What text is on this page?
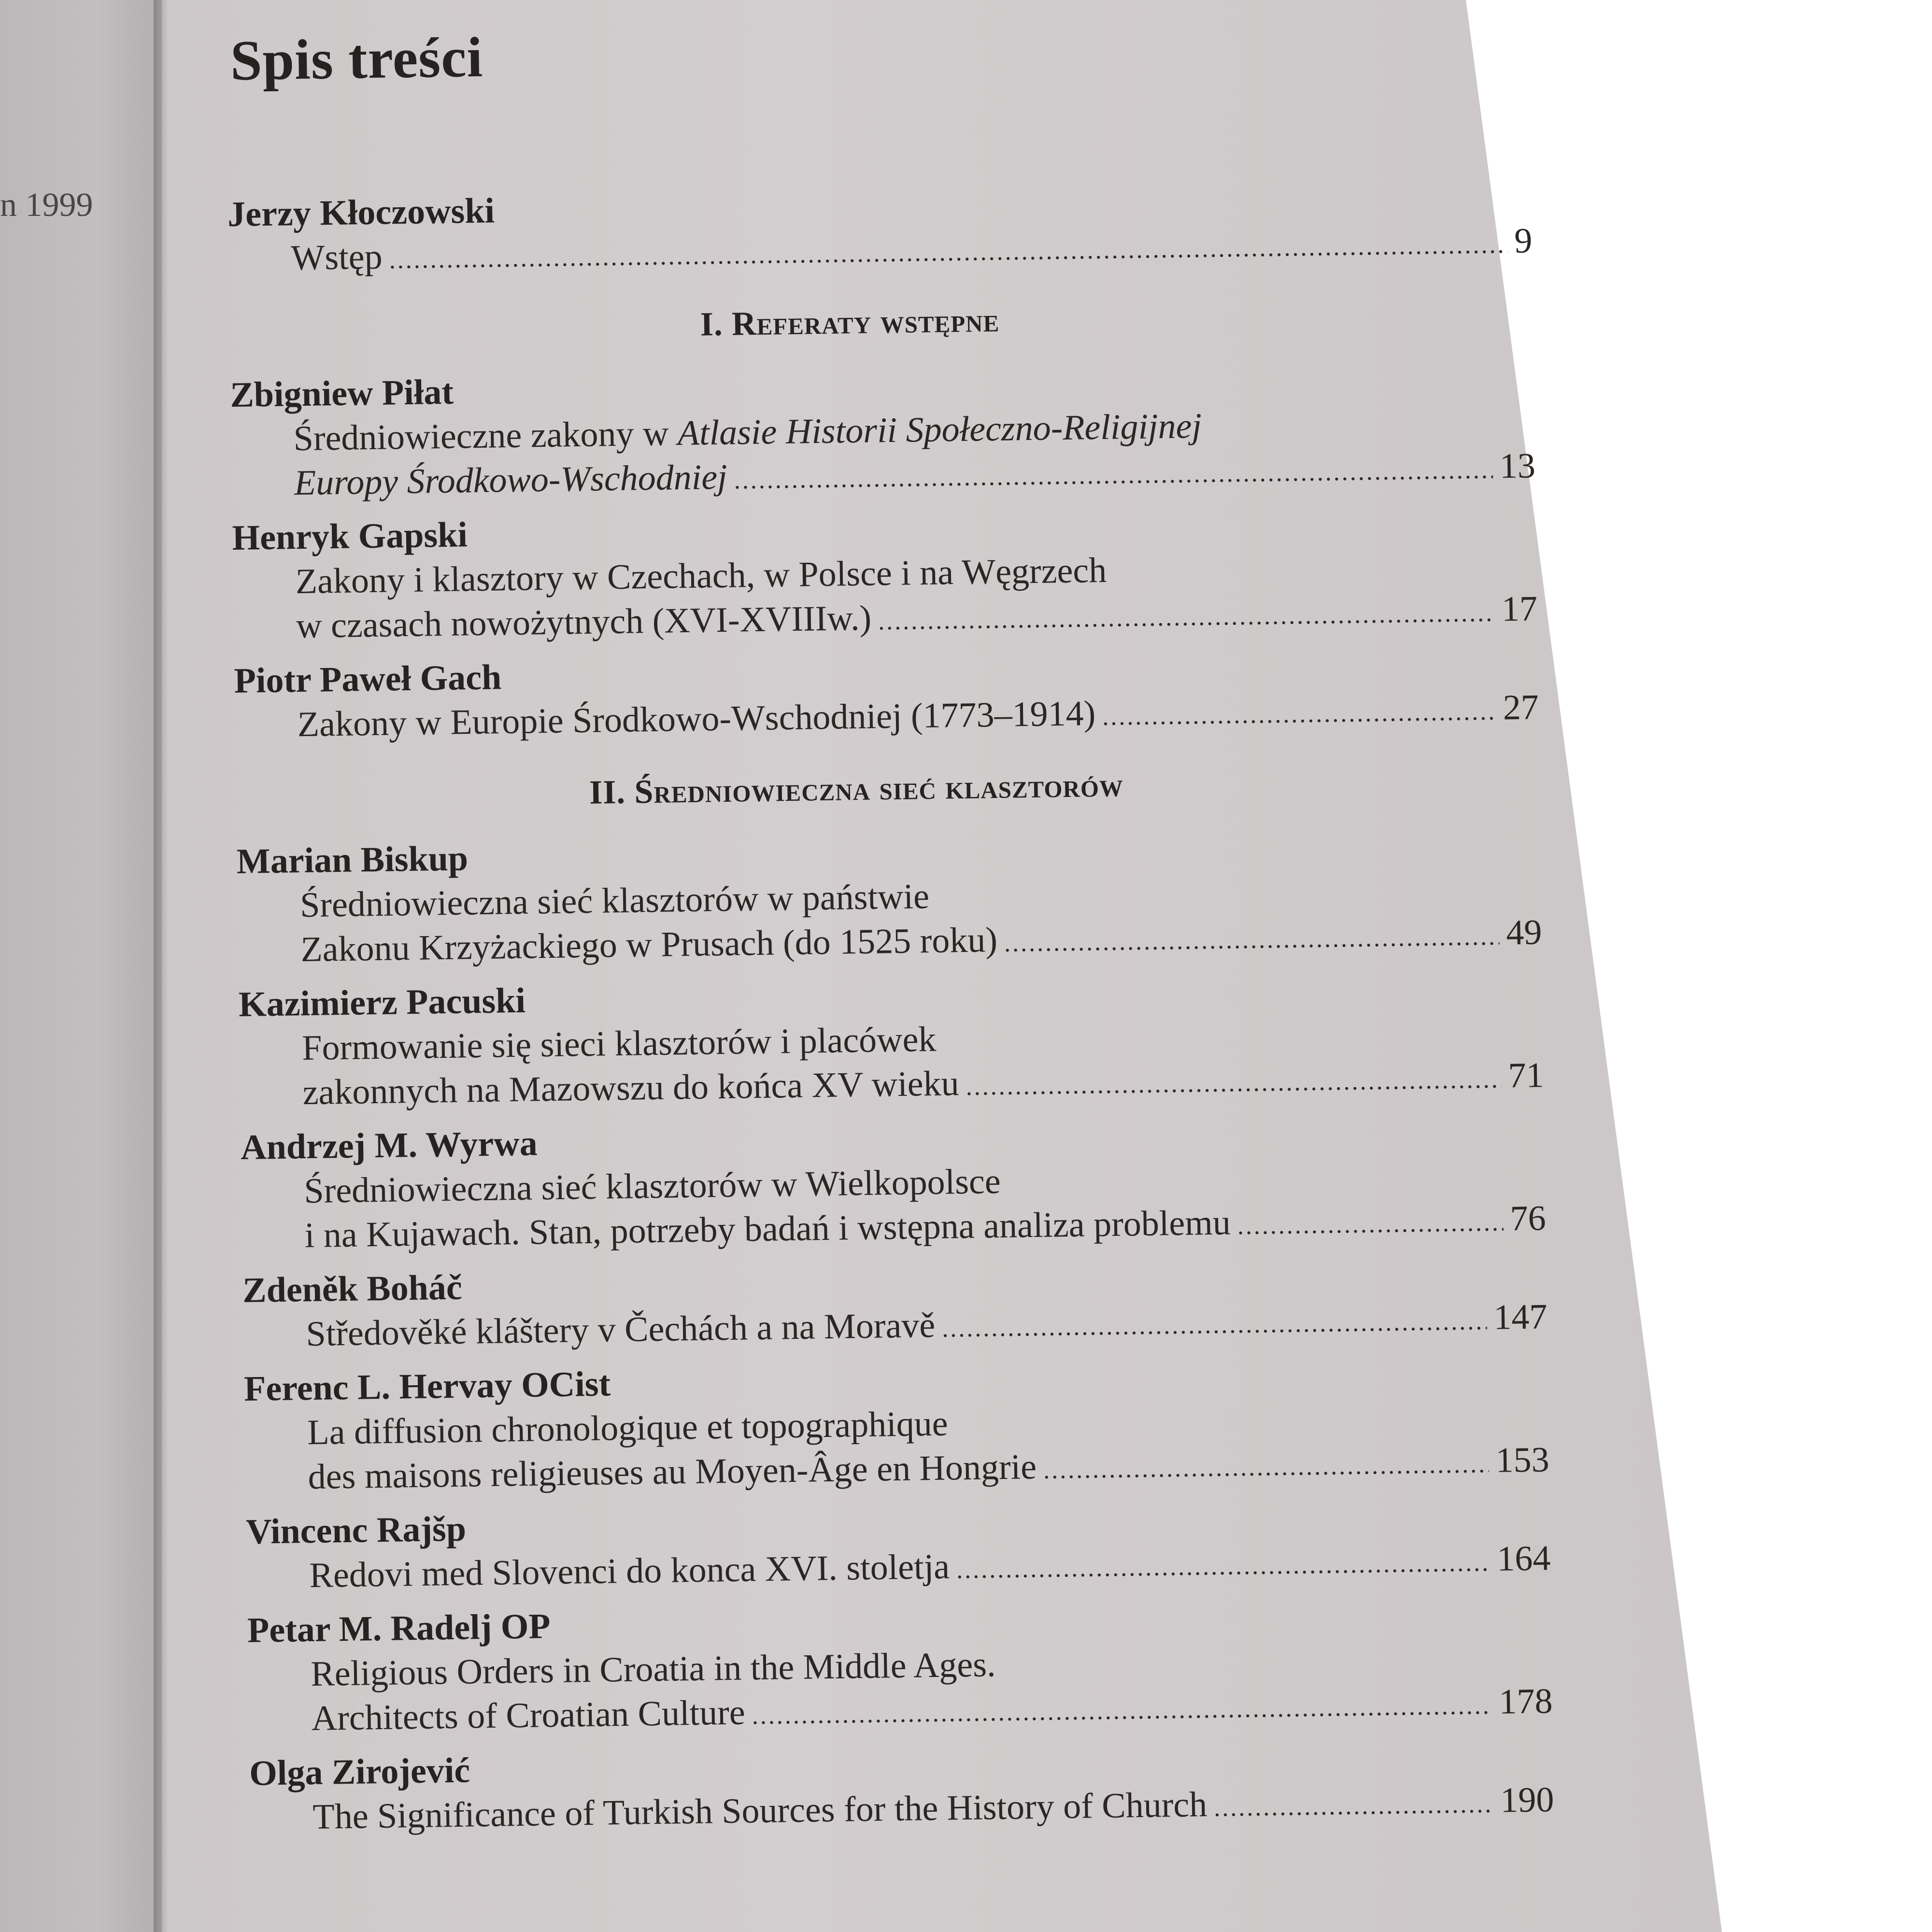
n 1999
Spis treści
Jerzy Kłoczowski
Wstęp .....	9
I. Referaty wstępne
Zbigniew Piłat
Średniowieczne zakony w Atlasie Historii Społeczno-Religijnej
Europy Środkowo-Wschodniej .....	13
Henryk Gapski
Zakony i klasztory w Czechach, w Polsce i na Węgrzech
w czasach nowożytnych (XVI-XVIIIw.) .....	17
Piotr Paweł Gach
Zakony w Europie Środkowo-Wschodniej (1773–1914) .....	27
II. Średniowieczna sieć klasztorów
Marian Biskup
Średniowieczna sieć klasztorów w państwie
Zakonu Krzyżackiego w Prusach (do 1525 roku) .....	49
Kazimierz Pacuski
Formowanie się sieci klasztorów i placówek
zakonnych na Mazowszu do końca XV wieku .....	71
Andrzej M. Wyrwa
Średniowieczna sieć klasztorów w Wielkopolsce
i na Kujawach. Stan, potrzeby badań i wstępna analiza problemu .....	76
Zdeněk Boháč
Středověké kláštery v Čechách a na Moravě .....	147
Ferenc L. Hervay OCist
La diffusion chronologique et topographique
des maisons religieuses au Moyen-Âge en Hongrie .....	153
Vincenc Rajšp
Redovi med Slovenci do konca XVI. stoletja .....	164
Petar M. Radelj OP
Religious Orders in Croatia in the Middle Ages.
Architects of Croatian Culture .....	178
Olga Zirojević
The Significance of Turkish Sources for the History of Church .....	190
